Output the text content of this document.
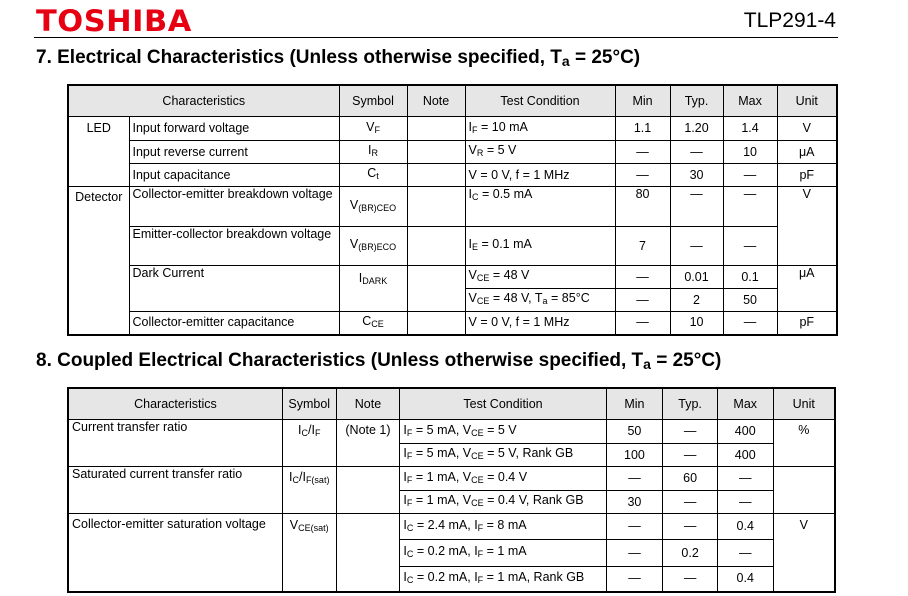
TOSHIBA	TLP291-4
7. Electrical Characteristics (Unless otherwise specified, $T_a = 25^\circ C$)
Characteristics		Symbol	Note	Test Condition	Min	Typ.	Max	Unit
LED	Input forward voltage	$V_F$		$I_F = 10$ mA	1.1	1.20	1.4	V
	Input reverse current	$I_R$		$V_R = 5$ V	—	—	10	μA
	Input capacitance	$C_t$		V = 0 V, f = 1 MHz	—	30	—	pF
Detector	Collector-emitter breakdown voltage	$V_{(BR)CEO}$		$I_C = 0.5$ mA	80	—	—	V
	Emitter-collector breakdown voltage	$V_{(BR)ECO}$		$I_E = 0.1$ mA	7	—	—	
	Dark Current	$I_{DARK}$		$V_{CE} = 48$ V	—	0.01	0.1	μA
				$V_{CE} = 48$ V, $T_a = 85^\circ C$	—	2	50	
	Collector-emitter capacitance	$C_{CE}$		V = 0 V, f = 1 MHz	—	10	—	pF
8. Coupled Electrical Characteristics (Unless otherwise specified, $T_a = 25^\circ C$)
Characteristics	Symbol	Note	Test Condition	Min	Typ.	Max	Unit
Current transfer ratio	$I_C/I_F$	(Note 1)	$I_F = 5$ mA, $V_{CE} = 5$ V	50	—	400	%
			$I_F = 5$ mA, $V_{CE} = 5$ V, Rank GB	100	—	400	
Saturated current transfer ratio	$I_C/I_{F(sat)}$		$I_F = 1$ mA, $V_{CE} = 0.4$ V	—	60	—	
			$I_F = 1$ mA, $V_{CE} = 0.4$ V, Rank GB	30	—	—	
Collector-emitter saturation voltage	$V_{CE(sat)}$		$I_C = 2.4$ mA, $I_F = 8$ mA	—	—	0.4	V
			$I_C = 0.2$ mA, $I_F = 1$ mA	—	0.2	—	
			$I_C = 0.2$ mA, $I_F = 1$ mA, Rank GB	—	—	0.4	
